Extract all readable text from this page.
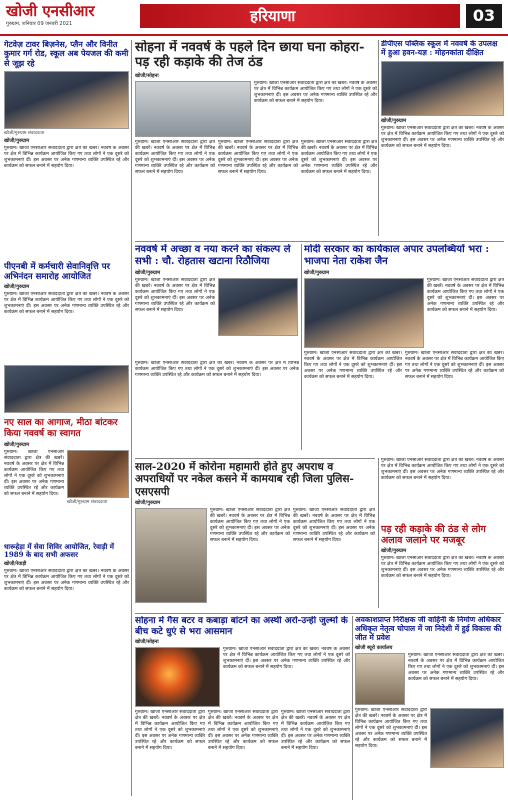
खोजी एनसीआर
गुरुग्राम, शनिवार 09 जनवरी 2021	हरियाणा	03
गेटवेज़ टावर बिज़नेस, प्लैन और विनीत कुमार गर्ग रोड, स्कूल अब पेयजल की कमी से जूझ रहे
खोजी/गुरुग्राम संवाददाता
खोजी/गुरुग्राम
गुरुग्राम। खोजी एनसीआर संवाददाता द्वारा क्षेत्र की खबरें। नववर्ष के अवसर पर क्षेत्र में विभिन्न कार्यक्रम आयोजित किए गए तथा लोगों ने एक दूसरे को शुभकामनाएं दीं। इस अवसर पर अनेक गणमान्य व्यक्ति उपस्थित रहे और कार्यक्रम को सफल बनाने में सहयोग दिया।
पीएनबी में कर्मचारी सेवानिवृत्ति पर अभिनंदन समारोह आयोजित
खोजी/गुरुग्राम
गुरुग्राम। खोजी एनसीआर संवाददाता द्वारा क्षेत्र की खबरें। नववर्ष के अवसर पर क्षेत्र में विभिन्न कार्यक्रम आयोजित किए गए तथा लोगों ने एक दूसरे को शुभकामनाएं दीं। इस अवसर पर अनेक गणमान्य व्यक्ति उपस्थित रहे और कार्यक्रम को सफल बनाने में सहयोग दिया।
नए साल का आगाज, मीठा बांटकर किया नववर्ष का स्वागत
खोजी/गुरुग्राम
गुरुग्राम। खोजी एनसीआर संवाददाता द्वारा क्षेत्र की खबरें। नववर्ष के अवसर पर क्षेत्र में विभिन्न कार्यक्रम आयोजित किए गए तथा लोगों ने एक दूसरे को शुभकामनाएं दीं। इस अवसर पर अनेक गणमान्य व्यक्ति उपस्थित रहे और कार्यक्रम को सफल बनाने में सहयोग दिया।
खोजी/गुरुग्राम संवाददाता
धारूहेड़ा में सेवा शिविर आयोजित, रेवाड़ी में 1989 के बाद सभी अफसर
खोजी/रेवाड़ी
गुरुग्राम। खोजी एनसीआर संवाददाता द्वारा क्षेत्र की खबरें। नववर्ष के अवसर पर क्षेत्र में विभिन्न कार्यक्रम आयोजित किए गए तथा लोगों ने एक दूसरे को शुभकामनाएं दीं। इस अवसर पर अनेक गणमान्य व्यक्ति उपस्थित रहे और कार्यक्रम को सफल बनाने में सहयोग दिया।
सोहना में नववर्ष के पहले दिन छाया घना कोहरा-पड़ रही कड़ाके की तेज ठंड
खोजी/सोहना
गुरुग्राम। खोजी एनसीआर संवाददाता द्वारा क्षेत्र की खबरें। नववर्ष के अवसर पर क्षेत्र में विभिन्न कार्यक्रम आयोजित किए गए तथा लोगों ने एक दूसरे को शुभकामनाएं दीं। इस अवसर पर अनेक गणमान्य व्यक्ति उपस्थित रहे और कार्यक्रम को सफल बनाने में सहयोग दिया।
गुरुग्राम। खोजी एनसीआर संवाददाता द्वारा क्षेत्र की खबरें। नववर्ष के अवसर पर क्षेत्र में विभिन्न कार्यक्रम आयोजित किए गए तथा लोगों ने एक दूसरे को शुभकामनाएं दीं। इस अवसर पर अनेक गणमान्य व्यक्ति उपस्थित रहे और कार्यक्रम को सफल बनाने में सहयोग दिया।
गुरुग्राम। खोजी एनसीआर संवाददाता द्वारा क्षेत्र की खबरें। नववर्ष के अवसर पर क्षेत्र में विभिन्न कार्यक्रम आयोजित किए गए तथा लोगों ने एक दूसरे को शुभकामनाएं दीं। इस अवसर पर अनेक गणमान्य व्यक्ति उपस्थित रहे और कार्यक्रम को सफल बनाने में सहयोग दिया।
गुरुग्राम। खोजी एनसीआर संवाददाता द्वारा क्षेत्र की खबरें। नववर्ष के अवसर पर क्षेत्र में विभिन्न कार्यक्रम आयोजित किए गए तथा लोगों ने एक दूसरे को शुभकामनाएं दीं। इस अवसर पर अनेक गणमान्य व्यक्ति उपस्थित रहे और कार्यक्रम को सफल बनाने में सहयोग दिया।
डीपीएस पब्लिक स्कूल में नववर्ष के उपलक्ष में हुआ हवन-यज्ञ : मोहनकांता दीक्षित
खोजी/गुरुग्राम
गुरुग्राम। खोजी एनसीआर संवाददाता द्वारा क्षेत्र की खबरें। नववर्ष के अवसर पर क्षेत्र में विभिन्न कार्यक्रम आयोजित किए गए तथा लोगों ने एक दूसरे को शुभकामनाएं दीं। इस अवसर पर अनेक गणमान्य व्यक्ति उपस्थित रहे और कार्यक्रम को सफल बनाने में सहयोग दिया।
नववर्ष में अच्छा व नया करने का संकल्प ले सभी : चौ. रोहतास खटाना रिठौजिया
खोजी/गुरुग्राम
गुरुग्राम। खोजी एनसीआर संवाददाता द्वारा क्षेत्र की खबरें। नववर्ष के अवसर पर क्षेत्र में विभिन्न कार्यक्रम आयोजित किए गए तथा लोगों ने एक दूसरे को शुभकामनाएं दीं। इस अवसर पर अनेक गणमान्य व्यक्ति उपस्थित रहे और कार्यक्रम को सफल बनाने में सहयोग दिया।
गुरुग्राम। खोजी एनसीआर संवाददाता द्वारा क्षेत्र की खबरें। नववर्ष के अवसर पर क्षेत्र में विभिन्न कार्यक्रम आयोजित किए गए तथा लोगों ने एक दूसरे को शुभकामनाएं दीं। इस अवसर पर अनेक गणमान्य व्यक्ति उपस्थित रहे और कार्यक्रम को सफल बनाने में सहयोग दिया।
मोदी सरकार का कार्यकाल अपार उपलब्धियों भरा : भाजपा नेता राकेश जैन
खोजी/गुरुग्राम
गुरुग्राम। खोजी एनसीआर संवाददाता द्वारा क्षेत्र की खबरें। नववर्ष के अवसर पर क्षेत्र में विभिन्न कार्यक्रम आयोजित किए गए तथा लोगों ने एक दूसरे को शुभकामनाएं दीं। इस अवसर पर अनेक गणमान्य व्यक्ति उपस्थित रहे और कार्यक्रम को सफल बनाने में सहयोग दिया।
गुरुग्राम। खोजी एनसीआर संवाददाता द्वारा क्षेत्र की खबरें। नववर्ष के अवसर पर क्षेत्र में विभिन्न कार्यक्रम आयोजित किए गए तथा लोगों ने एक दूसरे को शुभकामनाएं दीं। इस अवसर पर अनेक गणमान्य व्यक्ति उपस्थित रहे और कार्यक्रम को सफल बनाने में सहयोग दिया।
गुरुग्राम। खोजी एनसीआर संवाददाता द्वारा क्षेत्र की खबरें। नववर्ष के अवसर पर क्षेत्र में विभिन्न कार्यक्रम आयोजित किए गए तथा लोगों ने एक दूसरे को शुभकामनाएं दीं। इस अवसर पर अनेक गणमान्य व्यक्ति उपस्थित रहे और कार्यक्रम को सफल बनाने में सहयोग दिया।
साल-2020 में कोरोना महामारी होते हुए अपराध व अपराधियों पर नकेल कसने में कामयाब रही जिला पुलिस-एसएसपी
खोजी/गुरुग्राम
गुरुग्राम। खोजी एनसीआर संवाददाता द्वारा क्षेत्र की खबरें। नववर्ष के अवसर पर क्षेत्र में विभिन्न कार्यक्रम आयोजित किए गए तथा लोगों ने एक दूसरे को शुभकामनाएं दीं। इस अवसर पर अनेक गणमान्य व्यक्ति उपस्थित रहे और कार्यक्रम को सफल बनाने में सहयोग दिया।
गुरुग्राम। खोजी एनसीआर संवाददाता द्वारा क्षेत्र की खबरें। नववर्ष के अवसर पर क्षेत्र में विभिन्न कार्यक्रम आयोजित किए गए तथा लोगों ने एक दूसरे को शुभकामनाएं दीं। इस अवसर पर अनेक गणमान्य व्यक्ति उपस्थित रहे और कार्यक्रम को सफल बनाने में सहयोग दिया।
गुरुग्राम। खोजी एनसीआर संवाददाता द्वारा क्षेत्र की खबरें। नववर्ष के अवसर पर क्षेत्र में विभिन्न कार्यक्रम आयोजित किए गए तथा लोगों ने एक दूसरे को शुभकामनाएं दीं। इस अवसर पर अनेक गणमान्य व्यक्ति उपस्थित रहे और कार्यक्रम को सफल बनाने में सहयोग दिया।
पड़ रही कड़ाके की ठंड से लोग अलाव जलाने पर मजबूर
खोजी/गुरुग्राम
गुरुग्राम। खोजी एनसीआर संवाददाता द्वारा क्षेत्र की खबरें। नववर्ष के अवसर पर क्षेत्र में विभिन्न कार्यक्रम आयोजित किए गए तथा लोगों ने एक दूसरे को शुभकामनाएं दीं। इस अवसर पर अनेक गणमान्य व्यक्ति उपस्थित रहे और कार्यक्रम को सफल बनाने में सहयोग दिया।
सोहना में गैस बटर व कबाड़ा बांटने का अस्थी अरो-उन्ही जुल्मों के बीच कटे धुएं से भरा आसमान
खोजी/सोहना
गुरुग्राम। खोजी एनसीआर संवाददाता द्वारा क्षेत्र की खबरें। नववर्ष के अवसर पर क्षेत्र में विभिन्न कार्यक्रम आयोजित किए गए तथा लोगों ने एक दूसरे को शुभकामनाएं दीं। इस अवसर पर अनेक गणमान्य व्यक्ति उपस्थित रहे और कार्यक्रम को सफल बनाने में सहयोग दिया।
गुरुग्राम। खोजी एनसीआर संवाददाता द्वारा क्षेत्र की खबरें। नववर्ष के अवसर पर क्षेत्र में विभिन्न कार्यक्रम आयोजित किए गए तथा लोगों ने एक दूसरे को शुभकामनाएं दीं। इस अवसर पर अनेक गणमान्य व्यक्ति उपस्थित रहे और कार्यक्रम को सफल बनाने में सहयोग दिया।
गुरुग्राम। खोजी एनसीआर संवाददाता द्वारा क्षेत्र की खबरें। नववर्ष के अवसर पर क्षेत्र में विभिन्न कार्यक्रम आयोजित किए गए तथा लोगों ने एक दूसरे को शुभकामनाएं दीं। इस अवसर पर अनेक गणमान्य व्यक्ति उपस्थित रहे और कार्यक्रम को सफल बनाने में सहयोग दिया।
गुरुग्राम। खोजी एनसीआर संवाददाता द्वारा क्षेत्र की खबरें। नववर्ष के अवसर पर क्षेत्र में विभिन्न कार्यक्रम आयोजित किए गए तथा लोगों ने एक दूसरे को शुभकामनाएं दीं। इस अवसर पर अनेक गणमान्य व्यक्ति उपस्थित रहे और कार्यक्रम को सफल बनाने में सहयोग दिया।
अवकाशप्राप्त निरीक्षक जी वाहिनी के निर्माण अधिकार अधिकृत नेतृत्व चोपाल में जा निदेशी में हुई विकास की जीत में प्रवेश
खोजी ब्यूरो कार्यालय
गुरुग्राम। खोजी एनसीआर संवाददाता द्वारा क्षेत्र की खबरें। नववर्ष के अवसर पर क्षेत्र में विभिन्न कार्यक्रम आयोजित किए गए तथा लोगों ने एक दूसरे को शुभकामनाएं दीं। इस अवसर पर अनेक गणमान्य व्यक्ति उपस्थित रहे और कार्यक्रम को सफल बनाने में सहयोग दिया।
गुरुग्राम। खोजी एनसीआर संवाददाता द्वारा क्षेत्र की खबरें। नववर्ष के अवसर पर क्षेत्र में विभिन्न कार्यक्रम आयोजित किए गए तथा लोगों ने एक दूसरे को शुभकामनाएं दीं। इस अवसर पर अनेक गणमान्य व्यक्ति उपस्थित रहे और कार्यक्रम को सफल बनाने में सहयोग दिया।
